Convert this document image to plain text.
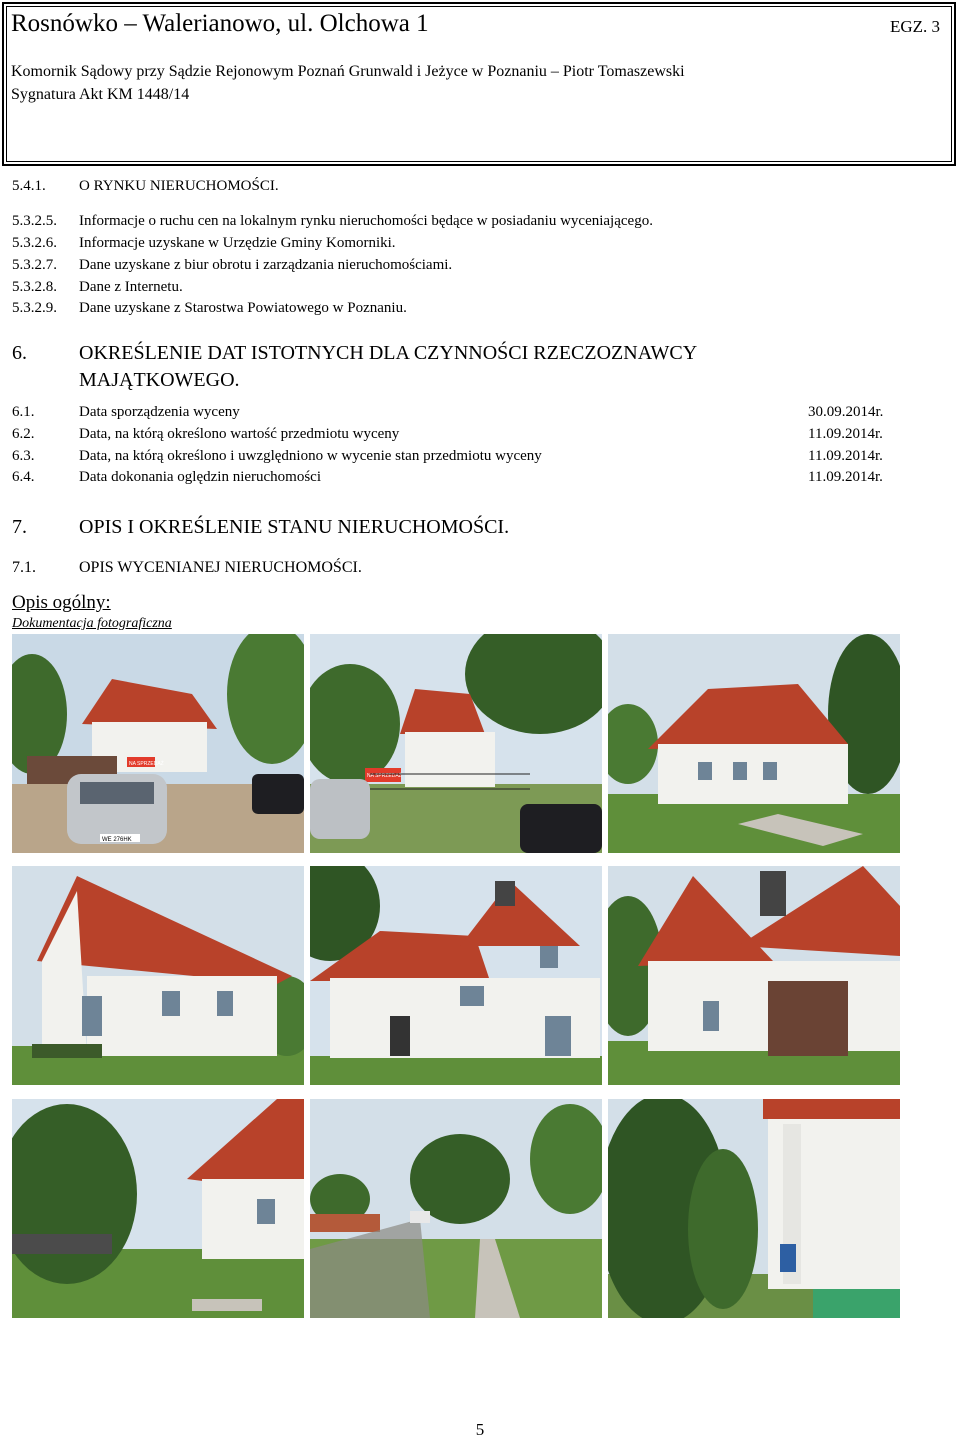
Rosnówko – Walerianowo, ul. Olchowa 1	EGZ. 3
Komornik Sądowy przy Sądzie Rejonowym Poznań Grunwald i Jeżyce w Poznaniu – Piotr Tomaszewski
Sygnatura Akt KM 1448/14
5.4.1. O RYNKU NIERUCHOMOŚCI.
5.3.2.5. Informacje o ruchu cen na lokalnym rynku nieruchomości będące w posiadaniu wyceniającego.
5.3.2.6. Informacje uzyskane w Urzędzie Gminy Komorniki.
5.3.2.7. Dane uzyskane z biur obrotu i zarządzania nieruchomościami.
5.3.2.8. Dane z Internetu.
5.3.2.9. Dane uzyskane z Starostwa Powiatowego w Poznaniu.
6.	OKREŚLENIE DAT ISTOTNYCH DLA CZYNNOŚCI RZECZOZNAWCY
MAJĄTKOWEGO.
6.1.	Data sporządzenia wyceny	30.09.2014r.
6.2.	Data, na którą określono wartość przedmiotu wyceny	11.09.2014r.
6.3.	Data, na którą określono i uwzględniono w wycenie stan przedmiotu wyceny	11.09.2014r.
6.4.	Data dokonania oględzin nieruchomości	11.09.2014r.
7.	OPIS I OKREŚLENIE STANU NIERUCHOMOŚCI.
7.1.	OPIS WYCENIANEJ NIERUCHOMOŚCI.
Opis ogólny:
Dokumentacja fotograficzna
NA SPRZEDAŻ
WE 276HK
NA SPRZEDAŻ
5
